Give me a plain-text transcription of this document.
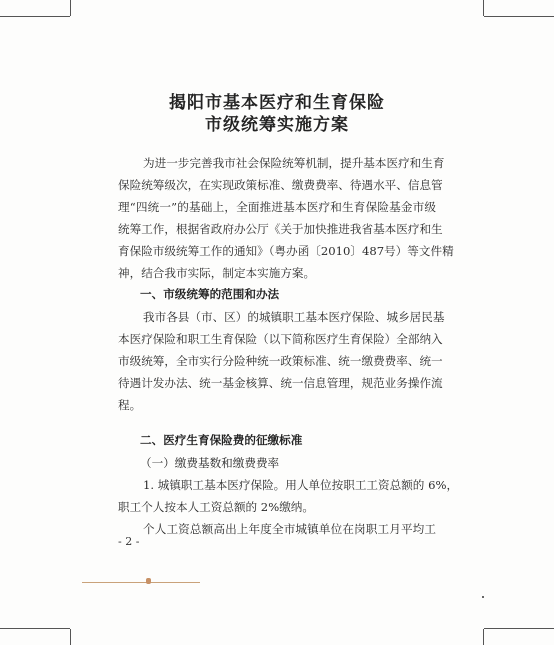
揭阳市基本医疗和生育保险
市级统筹实施方案
为进一步完善我市社会保险统筹机制，提升基本医疗和生育
保险统筹级次，在实现政策标准、缴费费率、待遇水平、信息管
理“四统一”的基础上，全面推进基本医疗和生育保险基金市级
统筹工作，根据省政府办公厅《关于加快推进我省基本医疗和生
育保险市级统筹工作的通知》（粤办函〔2010〕487号）等文件精
神，结合我市实际，制定本实施方案。
一、市级统筹的范围和办法
我市各县（市、区）的城镇职工基本医疗保险、城乡居民基
本医疗保险和职工生育保险（以下简称医疗生育保险）全部纳入
市级统筹，全市实行分险种统一政策标准、统一缴费费率、统一
待遇计发办法、统一基金核算、统一信息管理，规范业务操作流
程。
二、医疗生育保险费的征缴标准
（一）缴费基数和缴费费率
1. 城镇职工基本医疗保险。用人单位按职工工资总额的 6%，
职工个人按本人工资总额的 2%缴纳。
个人工资总额高出上年度全市城镇单位在岗职工月平均工
- 2 -
